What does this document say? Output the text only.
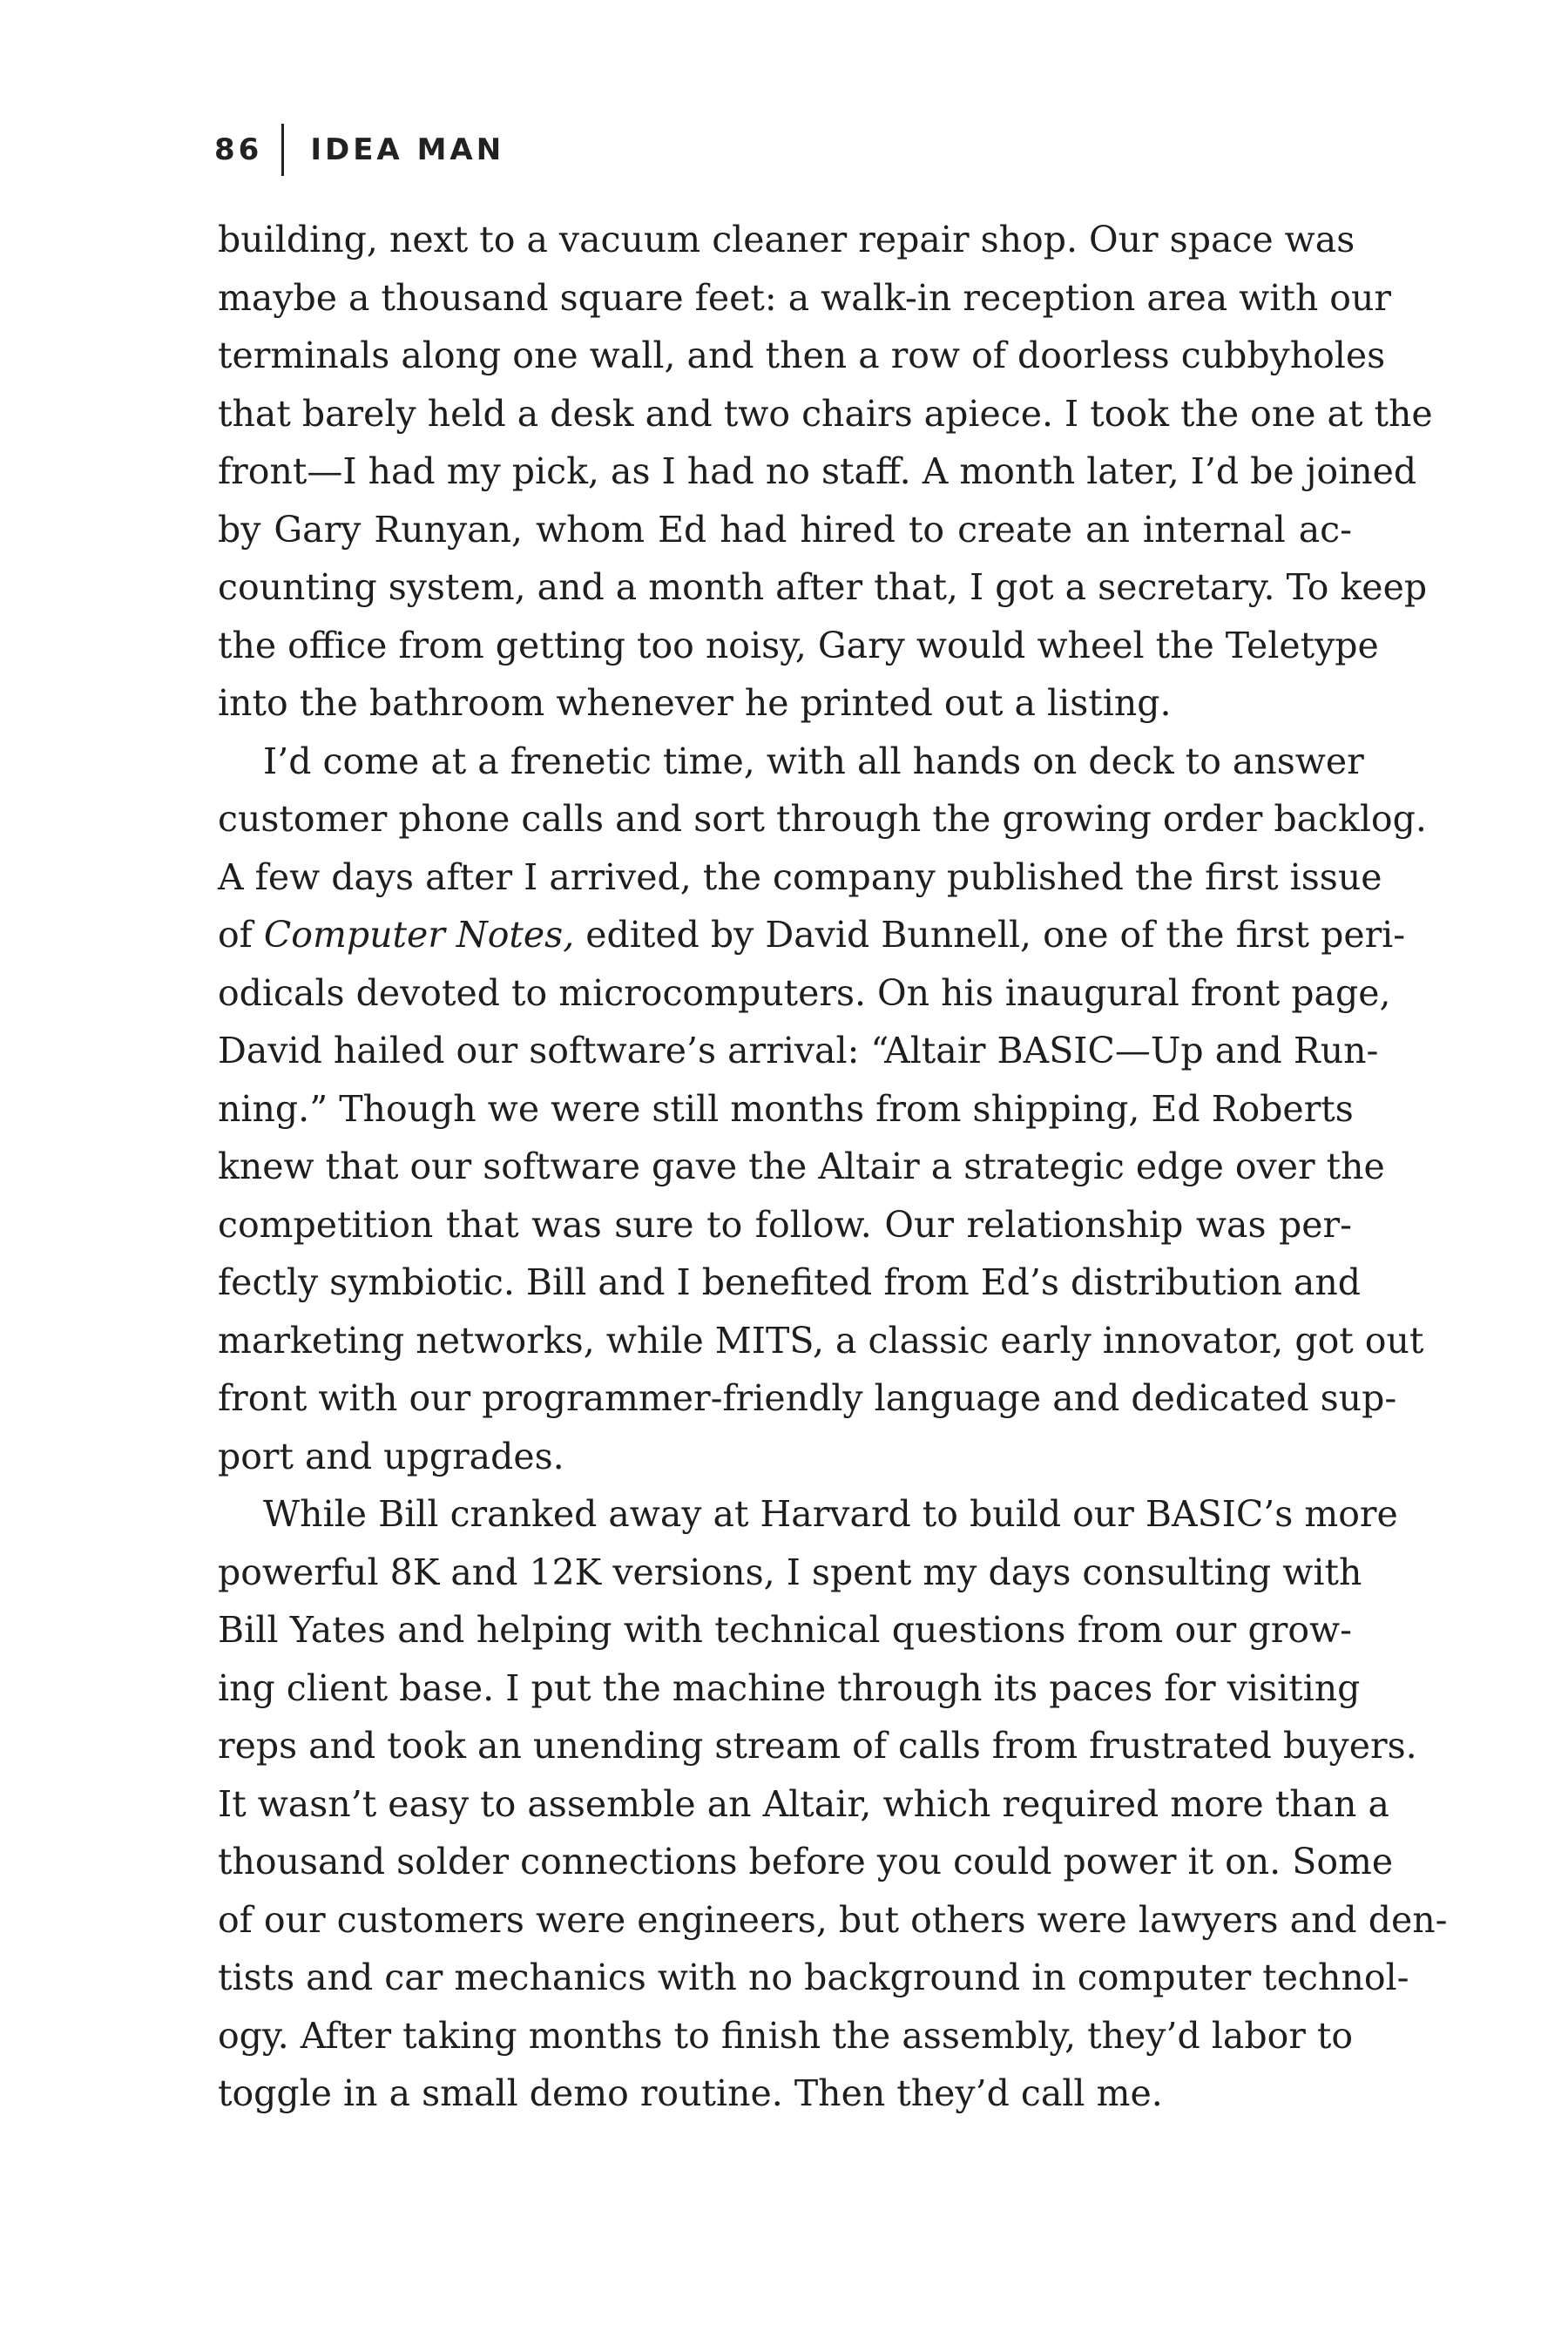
86 IDEA MAN

building, next to a vacuum cleaner repair shop. Our space was
maybe a thousand square feet: a walk-in reception area with our
terminals along one wall, and then a row of doorless cubbyholes
that barely held a desk and two chairs apiece. I took the one at the
front—I had my pick, as I had no staff. A month later, I’d be joined
by Gary Runyan, whom Ed had hired to create an internal ac-
counting system, and a month after that, I got a secretary. To keep
the office from getting too noisy, Gary would wheel the Teletype
into the bathroom whenever he printed out a listing.

I’d come at a frenetic time, with all hands on deck to answer
customer phone calls and sort through the growing order backlog.
A few days after I arrived, the company published the first issue
of Computer Notes, edited by David Bunnell, one of the first peri-
odicals devoted to microcomputers. On his inaugural front page,
David hailed our software’s arrival: “Altair BASIC—Up and Run-
ning.” Though we were still months from shipping, Ed Roberts
knew that our software gave the Altair a strategic edge over the
competition that was sure to follow. Our relationship was per-
fectly symbiotic. Bill and I benefited from Ed’s distribution and
marketing networks, while MITS, a classic early innovator, got out
front with our programmer-friendly language and dedicated sup-
port and upgrades.

While Bill cranked away at Harvard to build our BASIC’s more
powerful 8K and 12K versions, I spent my days consulting with
Bill Yates and helping with technical questions from our grow-
ing client base. I put the machine through its paces for visiting
reps and took an unending stream of calls from frustrated buyers.
It wasn’t easy to assemble an Altair, which required more than a
thousand solder connections before you could power it on. Some
of our customers were engineers, but others were lawyers and den-
tists and car mechanics with no background in computer technol-
ogy. After taking months to finish the assembly, they’d labor to
toggle in a small demo routine. Then they’d call me.
